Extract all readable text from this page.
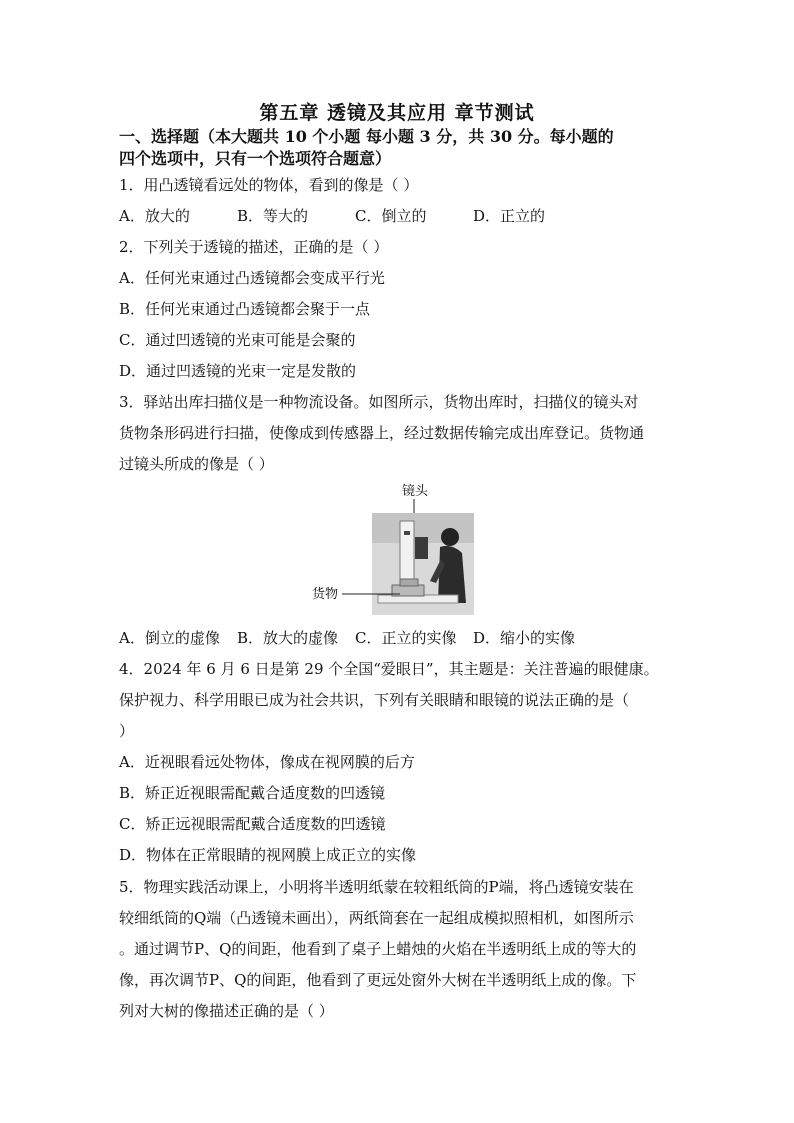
第五章 透镜及其应用 章节测试
一、选择题（本大题共 10 个小题 每小题 3 分，共 30 分。每小题的
四个选项中，只有一个选项符合题意）
1．用凸透镜看远处的物体，看到的像是（ ）
A．放大的	B．等大的	C．倒立的	D．正立的
2．下列关于透镜的描述，正确的是（ ）
A．任何光束通过凸透镜都会变成平行光
B．任何光束通过凸透镜都会聚于一点
C．通过凹透镜的光束可能是会聚的
D．通过凹透镜的光束一定是发散的
3．驿站出库扫描仪是一种物流设备。如图所示，货物出库时，扫描仪的镜头对
货物条形码进行扫描，使像成到传感器上，经过数据传输完成出库登记。货物通
过镜头所成的像是（ ）
镜头
货物
A．倒立的虚像 B．放大的虚像 C．正立的实像 D．缩小的实像
4．2024 年 6 月 6 日是第 29 个全国“爱眼日”，其主题是：关注普遍的眼健康。
保护视力、科学用眼已成为社会共识，下列有关眼睛和眼镜的说法正确的是（
）
A．近视眼看远处物体，像成在视网膜的后方
B．矫正近视眼需配戴合适度数的凹透镜
C．矫正远视眼需配戴合适度数的凹透镜
D．物体在正常眼睛的视网膜上成正立的实像
5．物理实践活动课上，小明将半透明纸蒙在较粗纸筒的P端，将凸透镜安装在
较细纸筒的Q端（凸透镜未画出），两纸筒套在一起组成模拟照相机，如图所示
。通过调节P、Q的间距，他看到了桌子上蜡烛的火焰在半透明纸上成的等大的
像，再次调节P、Q的间距，他看到了更远处窗外大树在半透明纸上成的像。下
列对大树的像描述正确的是（ ）
